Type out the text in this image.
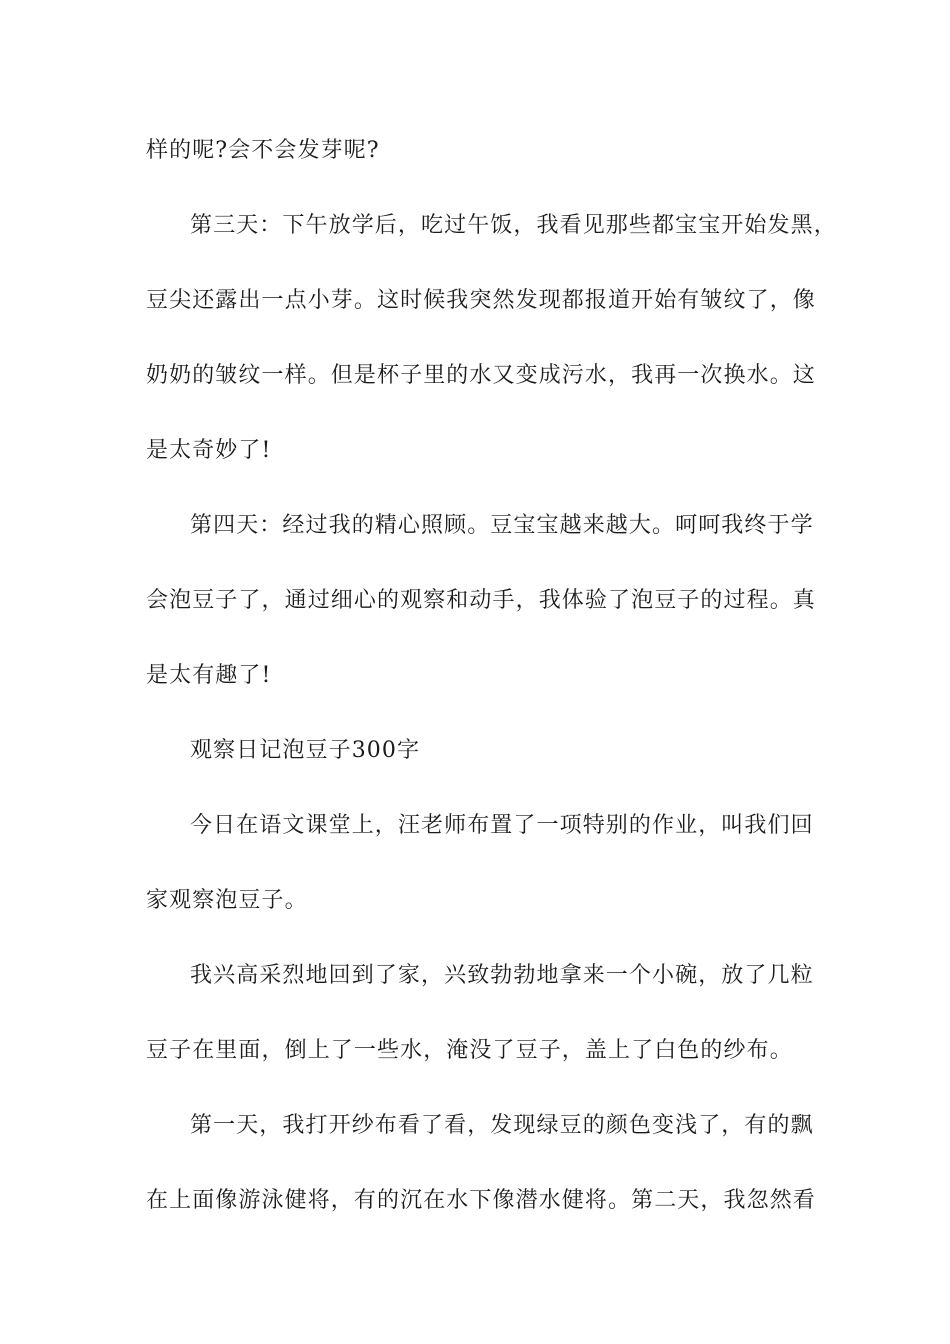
样的呢?会不会发芽呢?
第三天：下午放学后，吃过午饭，我看见那些都宝宝开始发黑，
豆尖还露出一点小芽。这时候我突然发现都报道开始有皱纹了，像
奶奶的皱纹一样。但是杯子里的水又变成污水，我再一次换水。这
是太奇妙了!
第四天：经过我的精心照顾。豆宝宝越来越大。呵呵我终于学
会泡豆子了，通过细心的观察和动手，我体验了泡豆子的过程。真
是太有趣了!
观察日记泡豆子300字
今日在语文课堂上，汪老师布置了一项特别的作业，叫我们回
家观察泡豆子。
我兴高采烈地回到了家，兴致勃勃地拿来一个小碗，放了几粒
豆子在里面，倒上了一些水，淹没了豆子，盖上了白色的纱布。
第一天，我打开纱布看了看，发现绿豆的颜色变浅了，有的飘
在上面像游泳健将，有的沉在水下像潜水健将。第二天，我忽然看
